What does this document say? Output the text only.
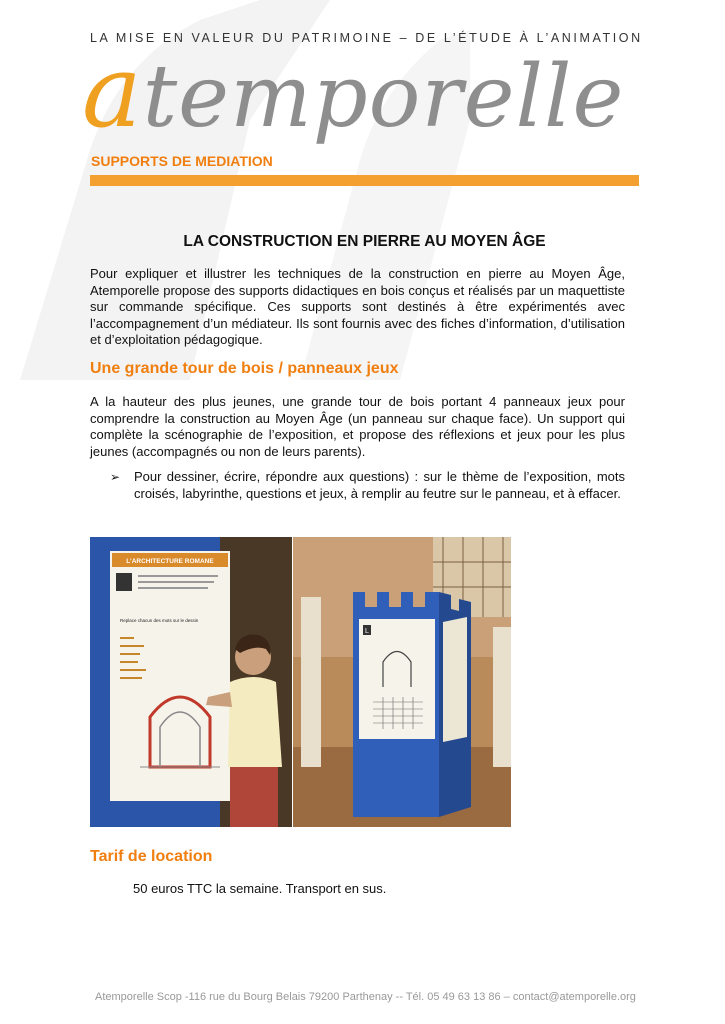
LA MISE EN VALEUR DU PATRIMOINE – DE L’ÉTUDE À L’ANIMATION
atemporelle
SUPPORTS DE MEDIATION
LA CONSTRUCTION EN PIERRE AU MOYEN ÂGE
Pour expliquer et illustrer les techniques de la construction en pierre au Moyen Âge, Atemporelle propose des supports didactiques en bois conçus et réalisés par un maquettiste sur commande spécifique. Ces supports sont destinés à être expérimentés avec l’accompagnement d’un médiateur. Ils sont fournis avec des fiches d’information, d’utilisation et d’exploitation pédagogique.
Une grande tour de bois / panneaux jeux
A la hauteur des plus jeunes, une grande tour de bois portant 4 panneaux jeux pour comprendre la construction au Moyen Âge (un panneau sur chaque face). Un support qui complète la scénographie de l’exposition, et propose des réflexions et jeux pour les plus jeunes (accompagnés ou non de leurs parents).
➢ Pour dessiner, écrire, répondre aux questions) : sur le thème de l’exposition, mots croisés, labyrinthe, questions et jeux, à remplir au feutre sur le panneau, et à effacer.
L’ARCHITECTURE ROMANE
Replace chacun des mots sur le dessin
L
Tarif de location
50 euros TTC la semaine. Transport en sus.
Atemporelle Scop -116 rue du Bourg Belais 79200 Parthenay -- Tél. 05 49 63 13 86 – contact@atemporelle.org
